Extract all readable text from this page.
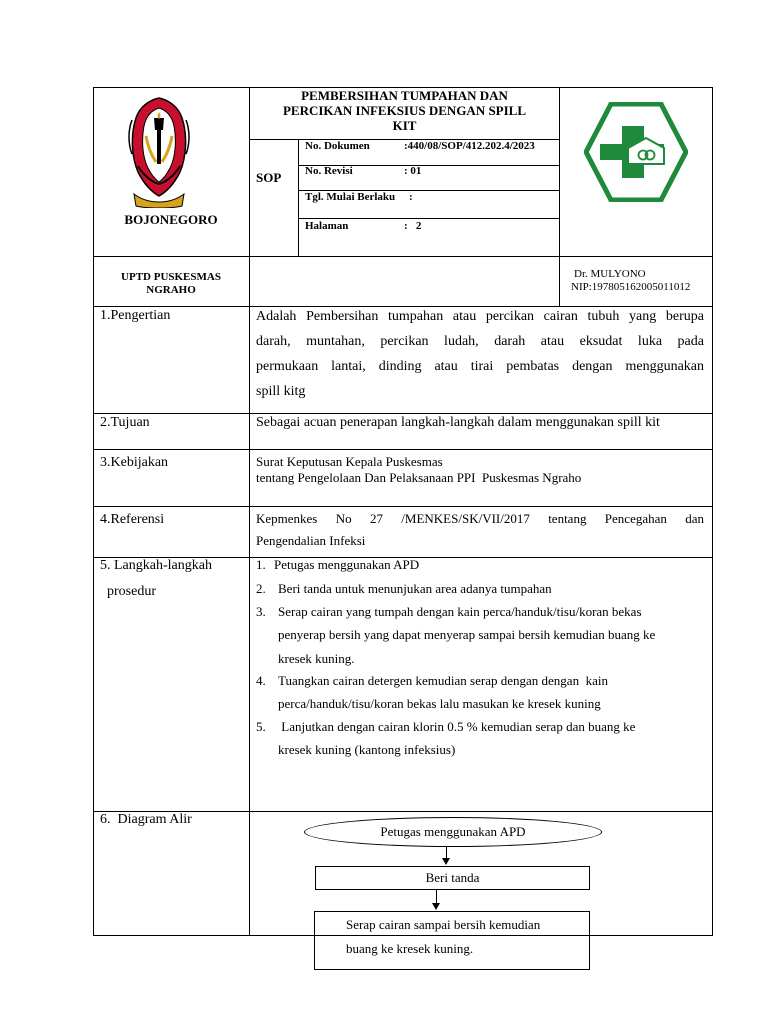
BOJONEGORO
PEMBERSIHAN TUMPAHAN DAN
PERCIKAN INFEKSIUS DENGAN SPILL
KIT
SOP
No. Dokumen	:440/08/SOP/412.202.4/2023
No. Revisi	: 01
Tgl. Mulai Berlaku :
Halaman	:   2
UPTD PUSKESMAS
NGRAHO
Dr. MULYONO
NIP:197805162005011012
1.Pengertian	Adalah Pembersihan tumpahan atau percikan cairan tubuh yang berupa
darah, muntahan, percikan ludah, darah atau eksudat luka pada
permukaan lantai, dinding atau tirai pembatas dengan menggunakan
spill kitg
2.Tujuan	Sebagai acuan penerapan langkah-langkah dalam menggunakan spill kit
3.Kebijakan	Surat Keputusan Kepala Puskesmas
tentang Pengelolaan Dan Pelaksanaan PPI  Puskesmas Ngraho
4.Referensi	Kepmenkes No 27 /MENKES/SK/VII/2017 tentang Pencegahan dan
Pengendalian Infeksi
5. Langkah-langkah
prosedur
1. Petugas menggunakan APD
2. Beri tanda untuk menunjukan area adanya tumpahan
3. Serap cairan yang tumpah dengan kain perca/handuk/tisu/koran bekas
penyerap bersih yang dapat menyerap sampai bersih kemudian buang ke
kresek kuning.
4. Tuangkan cairan detergen kemudian serap dengan dengan  kain
perca/handuk/tisu/koran bekas lalu masukan ke kresek kuning
5. Lanjutkan dengan cairan klorin 0.5 % kemudian serap dan buang ke
kresek kuning (kantong infeksius)
6.  Diagram Alir
Petugas menggunakan APD
Beri tanda
Serap cairan sampai bersih kemudian
buang ke kresek kuning.
